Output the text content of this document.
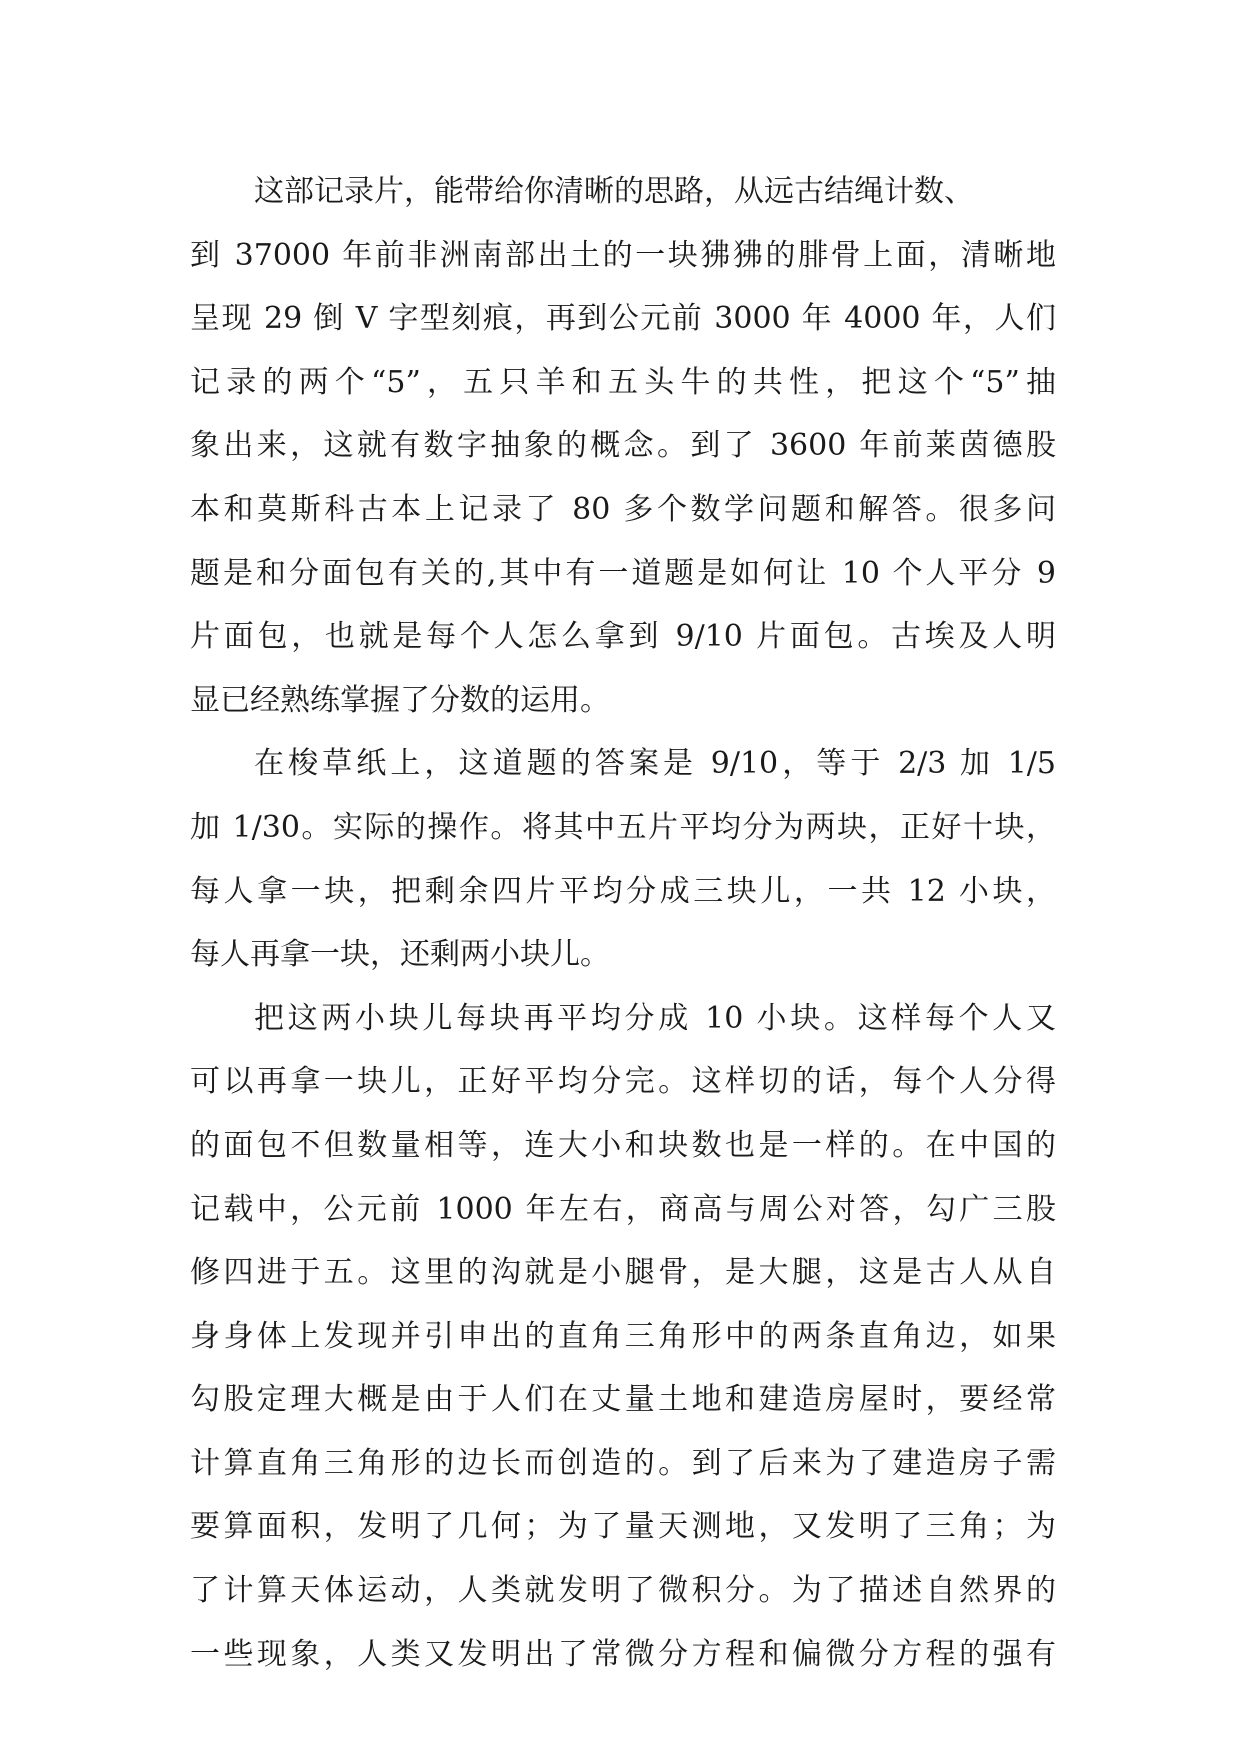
这部记录片，能带给你清晰的思路，从远古结绳计数、
到 37000 年前非洲南部出土的一块狒狒的腓骨上面，清晰地
呈现 29 倒 V 字型刻痕，再到公元前 3000 年 4000 年，人们
记录的两个“5”，五只羊和五头牛的共性，把这个“5”抽
象出来，这就有数字抽象的概念。到了 3600 年前莱茵德股
本和莫斯科古本上记录了 80 多个数学问题和解答。很多问
题是和分面包有关的,其中有一道题是如何让 10 个人平分 9
片面包，也就是每个人怎么拿到 9/10 片面包。古埃及人明
显已经熟练掌握了分数的运用。
在梭草纸上，这道题的答案是 9/10，等于 2/3 加 1/5
加 1/30。实际的操作。将其中五片平均分为两块，正好十块，
每人拿一块，把剩余四片平均分成三块儿，一共 12 小块，
每人再拿一块，还剩两小块儿。
把这两小块儿每块再平均分成 10 小块。这样每个人又
可以再拿一块儿，正好平均分完。这样切的话，每个人分得
的面包不但数量相等，连大小和块数也是一样的。在中国的
记载中，公元前 1000 年左右，商高与周公对答，勾广三股
修四进于五。这里的沟就是小腿骨，是大腿，这是古人从自
身身体上发现并引申出的直角三角形中的两条直角边，如果
勾股定理大概是由于人们在丈量土地和建造房屋时，要经常
计算直角三角形的边长而创造的。到了后来为了建造房子需
要算面积，发明了几何；为了量天测地，又发明了三角；为
了计算天体运动，人类就发明了微积分。为了描述自然界的
一些现象，人类又发明出了常微分方程和偏微分方程的强有
